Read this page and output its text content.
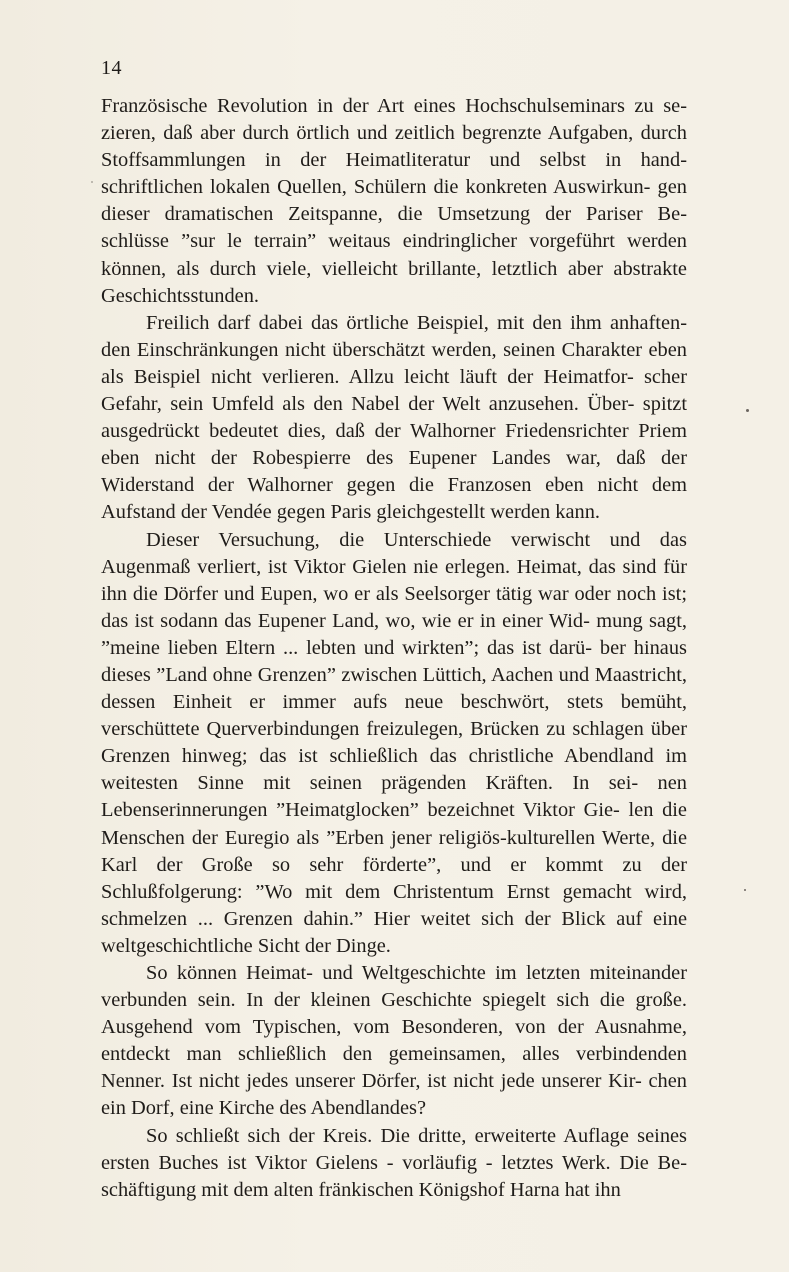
14

Französische Revolution in der Art eines Hochschulseminars zu se- zieren, daß aber durch örtlich und zeitlich begrenzte Aufgaben, durch Stoffsammlungen in der Heimatliteratur und selbst in hand- schriftlichen lokalen Quellen, Schülern die konkreten Auswirkun- gen dieser dramatischen Zeitspanne, die Umsetzung der Pariser Be- schlüsse ”sur le terrain” weitaus eindringlicher vorgeführt werden können, als durch viele, vielleicht brillante, letztlich aber abstrakte Geschichtsstunden.

Freilich darf dabei das örtliche Beispiel, mit den ihm anhaften- den Einschränkungen nicht überschätzt werden, seinen Charakter eben als Beispiel nicht verlieren. Allzu leicht läuft der Heimatfor- scher Gefahr, sein Umfeld als den Nabel der Welt anzusehen. Über- spitzt ausgedrückt bedeutet dies, daß der Walhorner Friedensrichter Priem eben nicht der Robespierre des Eupener Landes war, daß der Widerstand der Walhorner gegen die Franzosen eben nicht dem Aufstand der Vendée gegen Paris gleichgestellt werden kann.

Dieser Versuchung, die Unterschiede verwischt und das Augenmaß verliert, ist Viktor Gielen nie erlegen. Heimat, das sind für ihn die Dörfer und Eupen, wo er als Seelsorger tätig war oder noch ist; das ist sodann das Eupener Land, wo, wie er in einer Wid- mung sagt, ”meine lieben Eltern ... lebten und wirkten”; das ist darü- ber hinaus dieses ”Land ohne Grenzen” zwischen Lüttich, Aachen und Maastricht, dessen Einheit er immer aufs neue beschwört, stets bemüht, verschüttete Querverbindungen freizulegen, Brücken zu schlagen über Grenzen hinweg; das ist schließlich das christliche Abendland im weitesten Sinne mit seinen prägenden Kräften. In sei- nen Lebenserinnerungen ”Heimatglocken” bezeichnet Viktor Gie- len die Menschen der Euregio als ”Erben jener religiös-kulturellen Werte, die Karl der Große so sehr förderte”, und er kommt zu der Schlußfolgerung: ”Wo mit dem Christentum Ernst gemacht wird, schmelzen ... Grenzen dahin.” Hier weitet sich der Blick auf eine weltgeschichtliche Sicht der Dinge.

So können Heimat- und Weltgeschichte im letzten miteinander verbunden sein. In der kleinen Geschichte spiegelt sich die große. Ausgehend vom Typischen, vom Besonderen, von der Ausnahme, entdeckt man schließlich den gemeinsamen, alles verbindenden Nenner. Ist nicht jedes unserer Dörfer, ist nicht jede unserer Kir- chen ein Dorf, eine Kirche des Abendlandes?

So schließt sich der Kreis. Die dritte, erweiterte Auflage seines ersten Buches ist Viktor Gielens - vorläufig - letztes Werk. Die Be- schäftigung mit dem alten fränkischen Königshof Harna hat ihn
